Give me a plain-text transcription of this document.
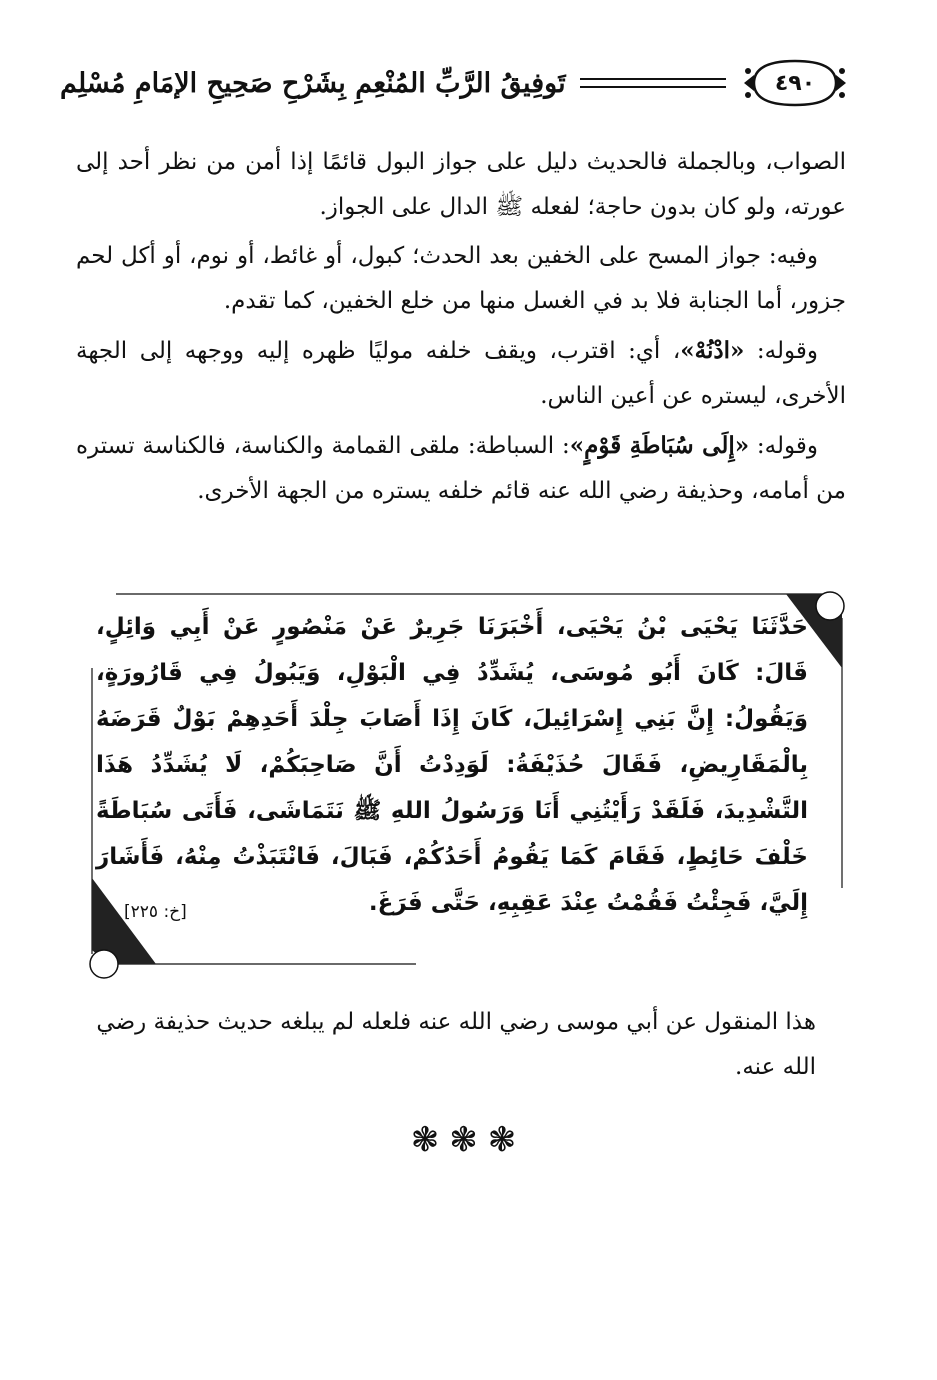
٤٩٠
تَوفِيقُ الرَّبِّ المُنْعِمِ بِشَرْحِ صَحِيحِ الإمَامِ مُسْلِم

الصواب، وبالجملة فالحديث دليل على جواز البول قائمًا إذا أمن من نظر أحد إلى عورته، ولو كان بدون حاجة؛ لفعله ﷺ الدال على الجواز.

وفيه: جواز المسح على الخفين بعد الحدث؛ كبول، أو غائط، أو نوم، أو أكل لحم جزور، أما الجنابة فلا بد في الغسل منها من خلع الخفين، كما تقدم.

وقوله: «ادْنُهْ»، أي: اقترب، ويقف خلفه موليًا ظهره إليه ووجهه إلى الجهة الأخرى، ليستره عن أعين الناس.

وقوله: «إِلَى سُبَاطَةِ قَوْمٍ»: السباطة: ملقى القمامة والكناسة، فالكناسة تستره من أمامه، وحذيفة رضي الله عنه قائم خلفه يستره من الجهة الأخرى.

حَدَّثَنَا يَحْيَى بْنُ يَحْيَى، أَخْبَرَنَا جَرِيرٌ عَنْ مَنْصُورٍ عَنْ أَبِي وَائِلٍ، قَالَ: كَانَ أَبُو مُوسَى، يُشَدِّدُ فِي الْبَوْلِ، وَيَبُولُ فِي قَارُورَةٍ، وَيَقُولُ: إِنَّ بَنِي إِسْرَائِيلَ، كَانَ إِذَا أَصَابَ جِلْدَ أَحَدِهِمْ بَوْلٌ قَرَضَهُ بِالْمَقَارِيضِ، فَقَالَ حُذَيْفَةُ: لَوَدِدْتُ أَنَّ صَاحِبَكُمْ، لَا يُشَدِّدُ هَذَا التَّشْدِيدَ، فَلَقَدْ رَأَيْتُنِي أَنَا وَرَسُولُ اللهِ ﷺ نَتَمَاشَى، فَأَتَى سُبَاطَةً خَلْفَ حَائِطٍ، فَقَامَ كَمَا يَقُومُ أَحَدُكُمْ، فَبَالَ، فَانْتَبَذْتُ مِنْهُ، فَأَشَارَ إِلَيَّ، فَجِئْتُ فَقُمْتُ عِنْدَ عَقِبِهِ، حَتَّى فَرَغَ.
[خ: ٢٢٥]
هذا المنقول عن أبي موسى رضي الله عنه فلعله لم يبلغه حديث حذيفة رضي الله عنه.
❃❃❃
